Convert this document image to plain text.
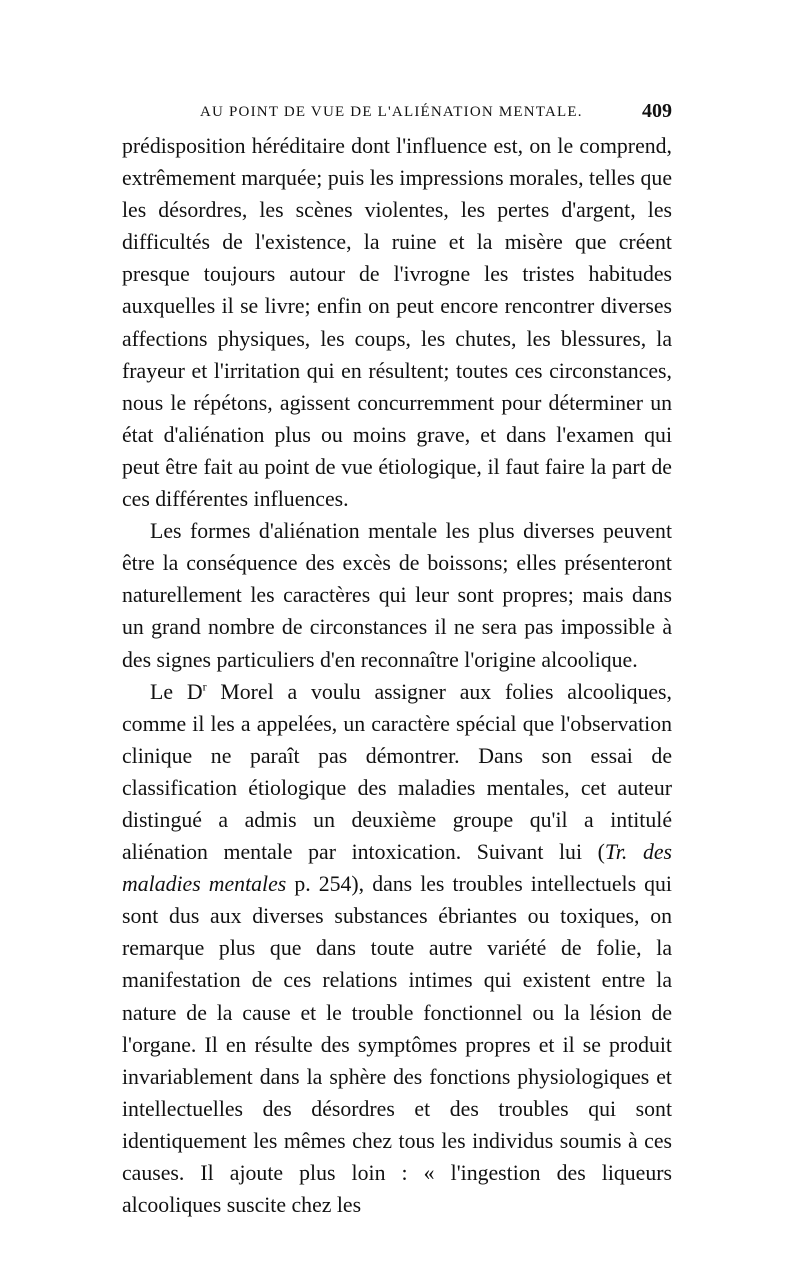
AU POINT DE VUE DE L'ALIÉNATION MENTALE.	409

prédisposition héréditaire dont l'influence est, on le comprend, extrêmement marquée; puis les impressions morales, telles que les désordres, les scènes violentes, les pertes d'argent, les difficultés de l'existence, la ruine et la misère que créent presque toujours autour de l'ivrogne les tristes habitudes auxquelles il se livre; enfin on peut encore rencontrer diverses affections physiques, les coups, les chutes, les blessures, la frayeur et l'irritation qui en résultent; toutes ces circonstances, nous le répétons, agissent concurremment pour déterminer un état d'aliénation plus ou moins grave, et dans l'examen qui peut être fait au point de vue étiologique, il faut faire la part de ces différentes influences.

Les formes d'aliénation mentale les plus diverses peuvent être la conséquence des excès de boissons; elles présenteront naturellement les caractères qui leur sont propres; mais dans un grand nombre de circonstances il ne sera pas impossible à des signes particuliers d'en reconnaître l'origine alcoolique.

Le $D^r$ Morel a voulu assigner aux folies alcooliques, comme il les a appelées, un caractère spécial que l'observation clinique ne paraît pas démontrer. Dans son essai de classification étiologique des maladies mentales, cet auteur distingué a admis un deuxième groupe qu'il a intitulé aliénation mentale par intoxication. Suivant lui (Tr. des maladies mentales p. 254), dans les troubles intellectuels qui sont dus aux diverses substances ébriantes ou toxiques, on remarque plus que dans toute autre variété de folie, la manifestation de ces relations intimes qui existent entre la nature de la cause et le trouble fonctionnel ou la lésion de l'organe. Il en résulte des symptômes propres et il se produit invariablement dans la sphère des fonctions physiologiques et intellectuelles des désordres et des troubles qui sont identiquement les mêmes chez tous les individus soumis à ces causes. Il ajoute plus loin : « l'ingestion des liqueurs alcooliques suscite chez les
